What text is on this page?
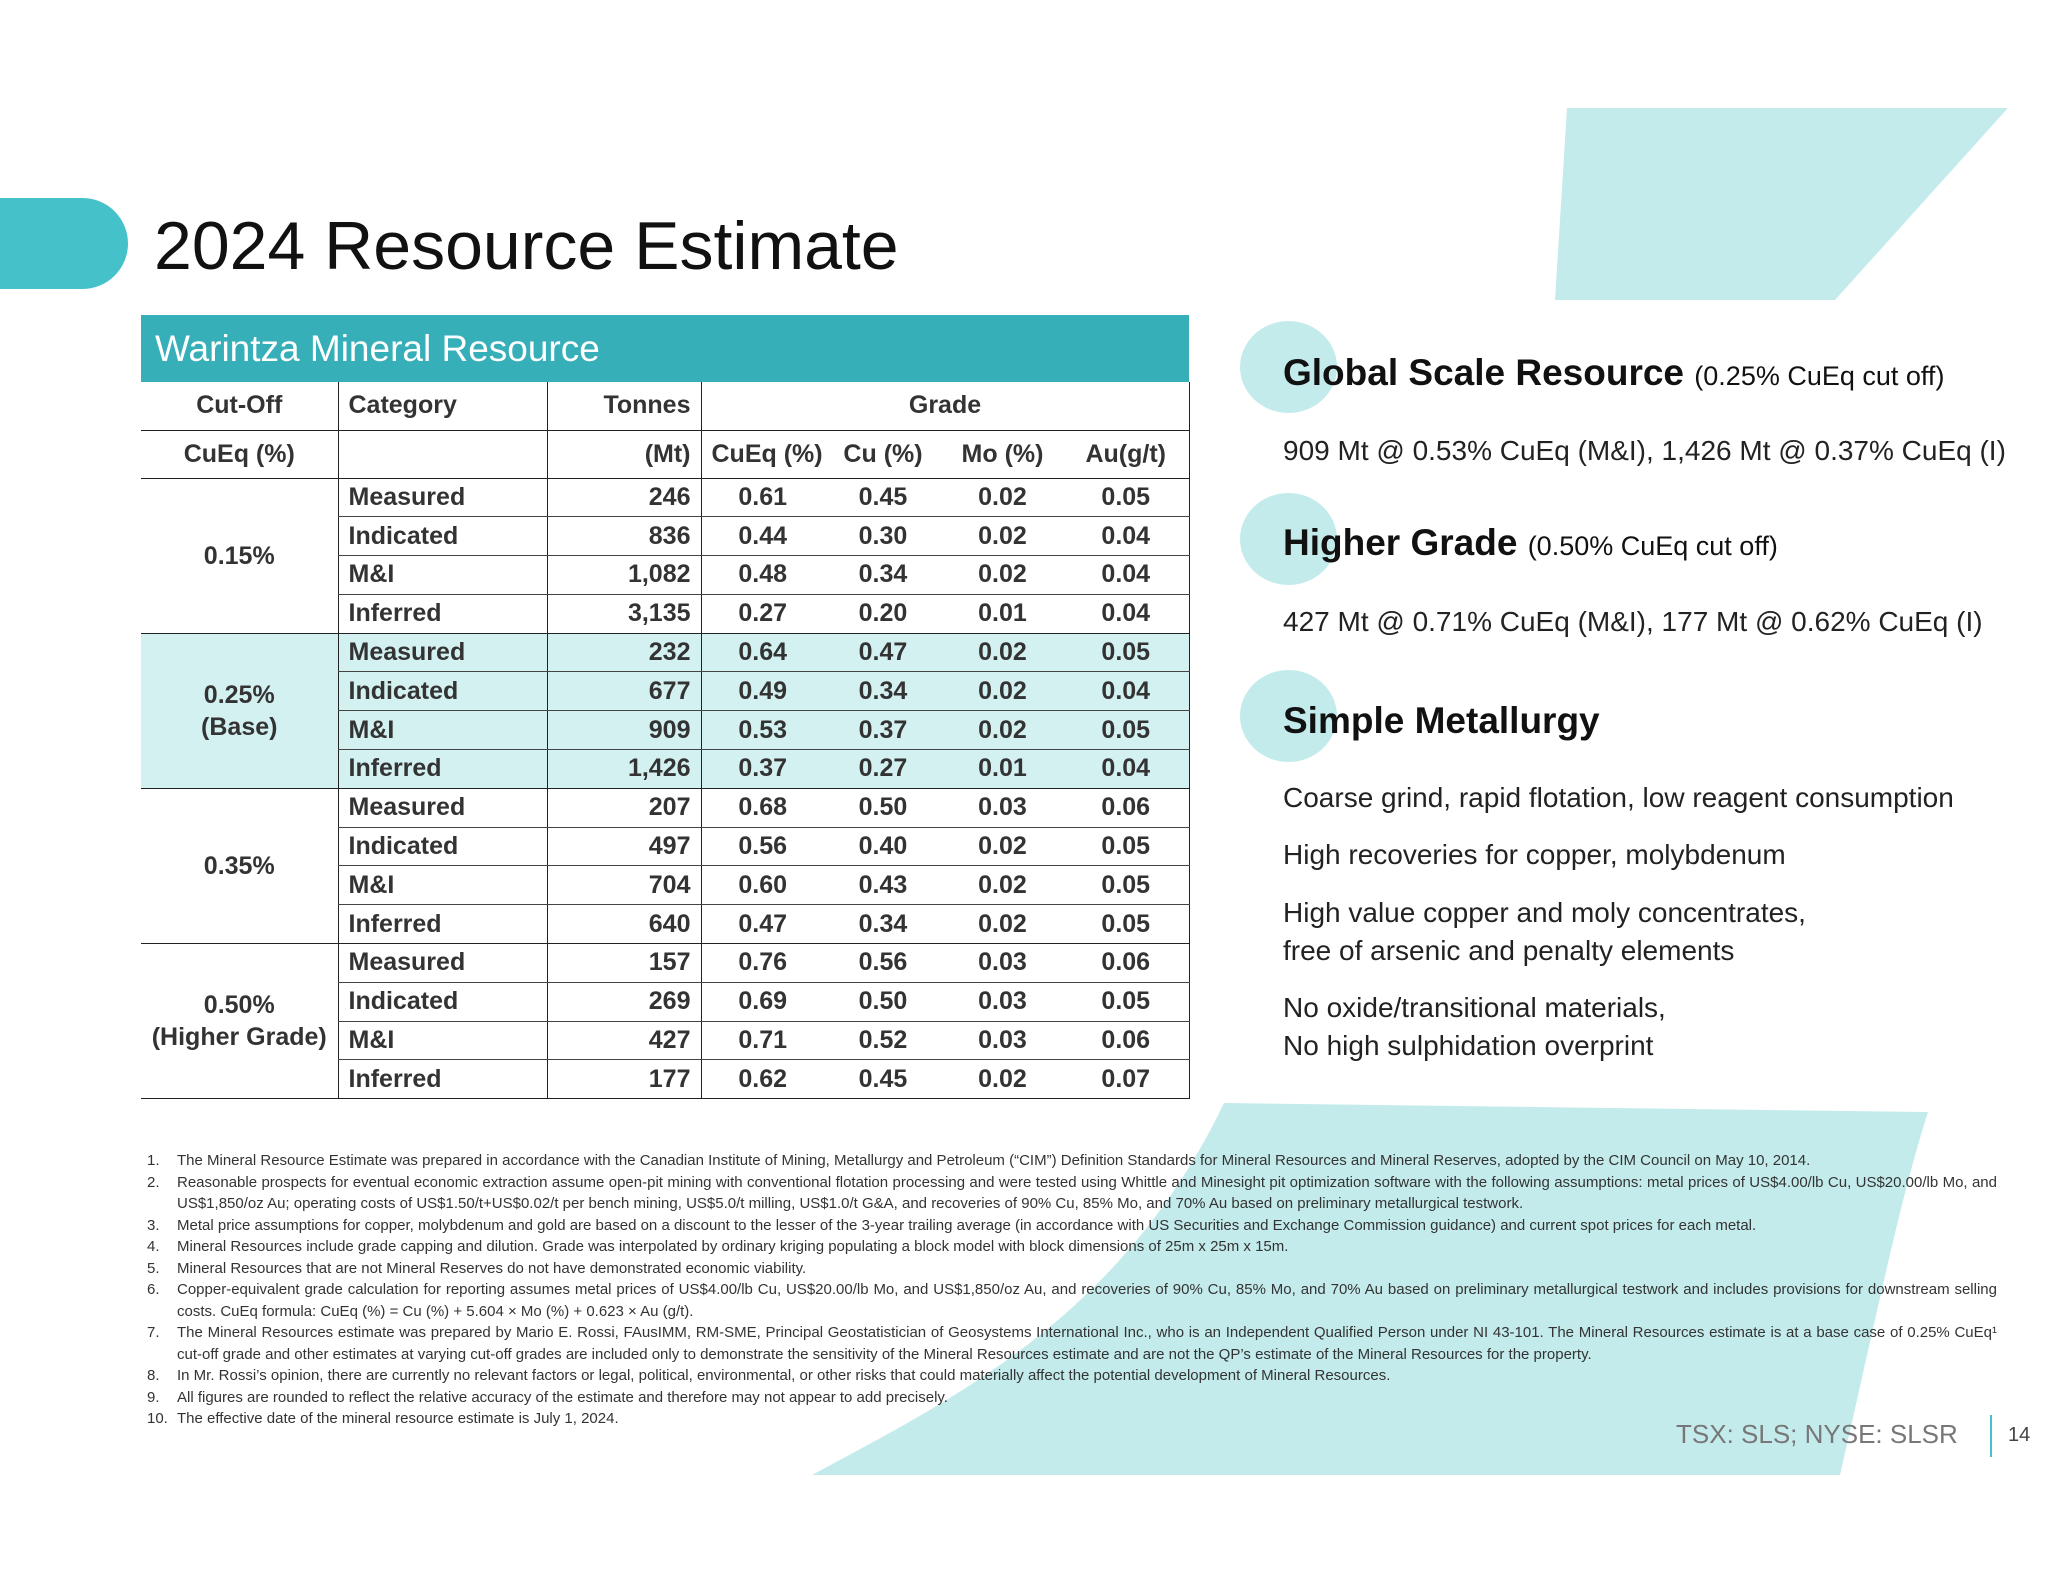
2024 Resource Estimate
Warintza Mineral Resource
Cut-Off	Category	Tonnes	Grade			
CuEq (%)		(Mt)	CuEq (%)	Cu (%)	Mo (%)	Au(g/t)

0.15%	Measured	246	0.61	0.45	0.02	0.05
	Indicated	836	0.44	0.30	0.02	0.04
	M&I	1,082	0.48	0.34	0.02	0.04
	Inferred	3,135	0.27	0.20	0.01	0.04

0.25%
(Base)	Measured	232	0.64	0.47	0.02	0.05
	Indicated	677	0.49	0.34	0.02	0.04
	M&I	909	0.53	0.37	0.02	0.05
	Inferred	1,426	0.37	0.27	0.01	0.04

0.35%	Measured	207	0.68	0.50	0.03	0.06
	Indicated	497	0.56	0.40	0.02	0.05
	M&I	704	0.60	0.43	0.02	0.05
	Inferred	640	0.47	0.34	0.02	0.05

0.50%
(Higher Grade)	Measured	157	0.76	0.56	0.03	0.06
	Indicated	269	0.69	0.50	0.03	0.05
	M&I	427	0.71	0.52	0.03	0.06
	Inferred	177	0.62	0.45	0.02	0.07
Global Scale Resource (0.25% CuEq cut off)
909 Mt @ 0.53% CuEq (M&I), 1,426 Mt @ 0.37% CuEq (I)
Higher Grade (0.50% CuEq cut off)
427 Mt @ 0.71% CuEq (M&I), 177 Mt @ 0.62% CuEq (I)
Simple Metallurgy
Coarse grind, rapid flotation, low reagent consumption
High recoveries for copper, molybdenum
High value copper and moly concentrates,
free of arsenic and penalty elements
No oxide/transitional materials,
No high sulphidation overprint
1. The Mineral Resource Estimate was prepared in accordance with the Canadian Institute of Mining, Metallurgy and Petroleum (“CIM”) Definition Standards for Mineral Resources and Mineral Reserves, adopted by the CIM Council on May 10, 2014.
2. Reasonable prospects for eventual economic extraction assume open-pit mining with conventional flotation processing and were tested using Whittle and Minesight pit optimization software with the following assumptions: metal prices of US$4.00/lb Cu, US$20.00/lb Mo, and US$1,850/oz Au; operating costs of US$1.50/t+US$0.02/t per bench mining, US$5.0/t milling, US$1.0/t G&A, and recoveries of 90% Cu, 85% Mo, and 70% Au based on preliminary metallurgical testwork.
3. Metal price assumptions for copper, molybdenum and gold are based on a discount to the lesser of the 3-year trailing average (in accordance with US Securities and Exchange Commission guidance) and current spot prices for each metal.
4. Mineral Resources include grade capping and dilution. Grade was interpolated by ordinary kriging populating a block model with block dimensions of 25m x 25m x 15m.
5. Mineral Resources that are not Mineral Reserves do not have demonstrated economic viability.
6. Copper-equivalent grade calculation for reporting assumes metal prices of US$4.00/lb Cu, US$20.00/lb Mo, and US$1,850/oz Au, and recoveries of 90% Cu, 85% Mo, and 70% Au based on preliminary metallurgical testwork and includes provisions for downstream selling costs. CuEq formula: CuEq (%) = Cu (%) + 5.604 × Mo (%) + 0.623 × Au (g/t).
7. The Mineral Resources estimate was prepared by Mario E. Rossi, FAusIMM, RM-SME, Principal Geostatistician of Geosystems International Inc., who is an Independent Qualified Person under NI 43-101. The Mineral Resources estimate is at a base case of 0.25% CuEq¹ cut-off grade and other estimates at varying cut-off grades are included only to demonstrate the sensitivity of the Mineral Resources estimate and are not the QP’s estimate of the Mineral Resources for the property.
8. In Mr. Rossi’s opinion, there are currently no relevant factors or legal, political, environmental, or other risks that could materially affect the potential development of Mineral Resources.
9. All figures are rounded to reflect the relative accuracy of the estimate and therefore may not appear to add precisely.
10. The effective date of the mineral resource estimate is July 1, 2024.
TSX: SLS; NYSE: SLSR	14
